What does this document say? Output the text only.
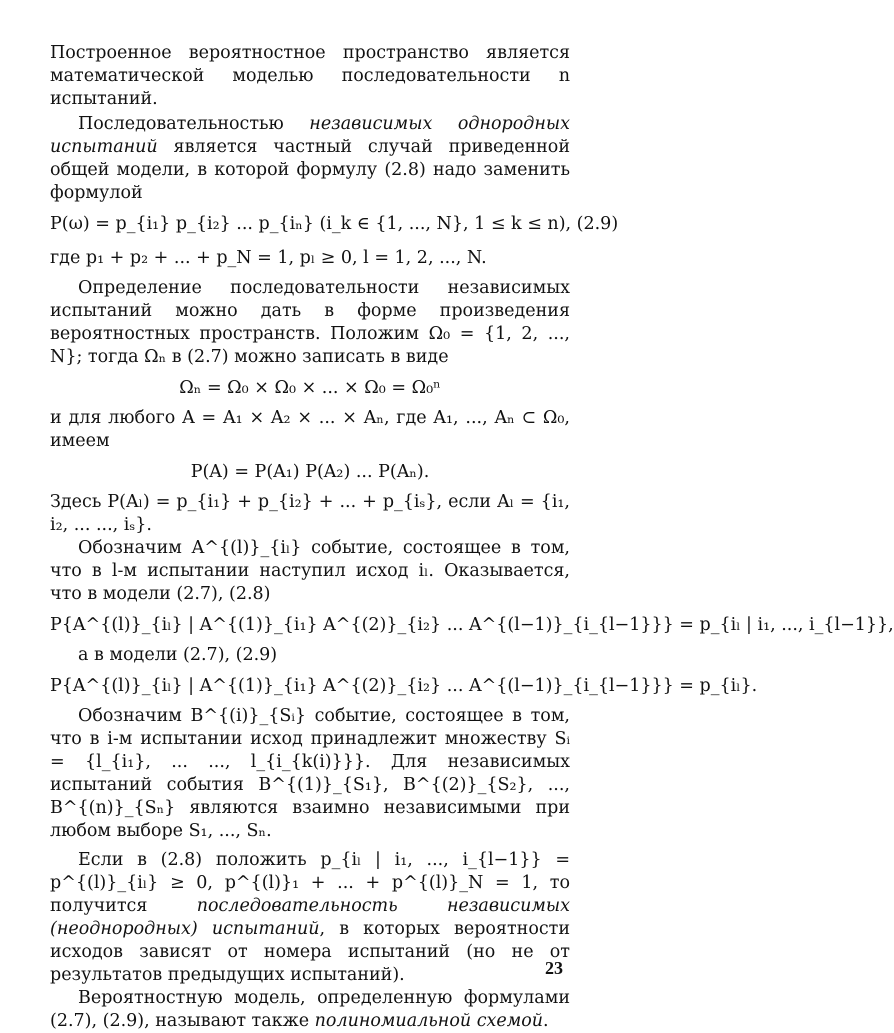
Построенное вероятностное пространство является математической моделью последовательности n испытаний.

Последовательностью независимых однородных испытаний является частный случай приведенной общей модели, в которой формулу (2.8) надо заменить формулой

P(ω) = p_{i₁} p_{i₂} ... p_{iₙ} (i_k ∈ {1, ..., N}, 1 ≤ k ≤ n), (2.9)
где p₁ + p₂ + ... + p_N = 1, pₗ ≥ 0, l = 1, 2, ..., N.

Определение последовательности независимых испытаний можно дать в форме произведения вероятностных пространств. Положим Ω₀ = {1, 2, ..., N}; тогда Ωₙ в (2.7) можно записать в виде

Ωₙ = Ω₀ × Ω₀ × ... × Ω₀ = Ω₀ⁿ

и для любого A = A₁ × A₂ × ... × Aₙ, где A₁, ..., Aₙ ⊂ Ω₀, имеем

P(A) = P(A₁) P(A₂) ... P(Aₙ).

Здесь P(Aₗ) = p_{i₁} + p_{i₂} + ... + p_{iₛ}, если Aₗ = {i₁, i₂, ... ..., iₛ}.

Обозначим A^{(l)}_{iₗ} событие, состоящее в том, что в l-м испытании наступил исход iₗ. Оказывается, что в модели (2.7), (2.8)

P{A^{(l)}_{iₗ} | A^{(1)}_{i₁} A^{(2)}_{i₂} ... A^{(l−1)}_{i_{l−1}}} = p_{iₗ | i₁, ..., i_{l−1}},

а в модели (2.7), (2.9)

P{A^{(l)}_{iₗ} | A^{(1)}_{i₁} A^{(2)}_{i₂} ... A^{(l−1)}_{i_{l−1}}} = p_{iₗ}.

Обозначим B^{(i)}_{Sᵢ} событие, состоящее в том, что в i-м испытании исход принадлежит множеству Sᵢ = {l_{i₁}, ... ..., l_{i_{k(i)}}}. Для независимых испытаний события B^{(1)}_{S₁}, B^{(2)}_{S₂}, ..., B^{(n)}_{Sₙ} являются взаимно независимыми при любом выборе S₁, ..., Sₙ.

Если в (2.8) положить p_{iₗ | i₁, ..., i_{l−1}} = p^{(l)}_{iₗ} ≥ 0, p^{(l)}₁ + ... + p^{(l)}_N = 1, то получится последовательность независимых (неоднородных) испытаний, в которых вероятности исходов зависят от номера испытаний (но не от результатов предыдущих испытаний).

Вероятностную модель, определенную формулами (2.7), (2.9), называют также полиномиальной схемой.

23
